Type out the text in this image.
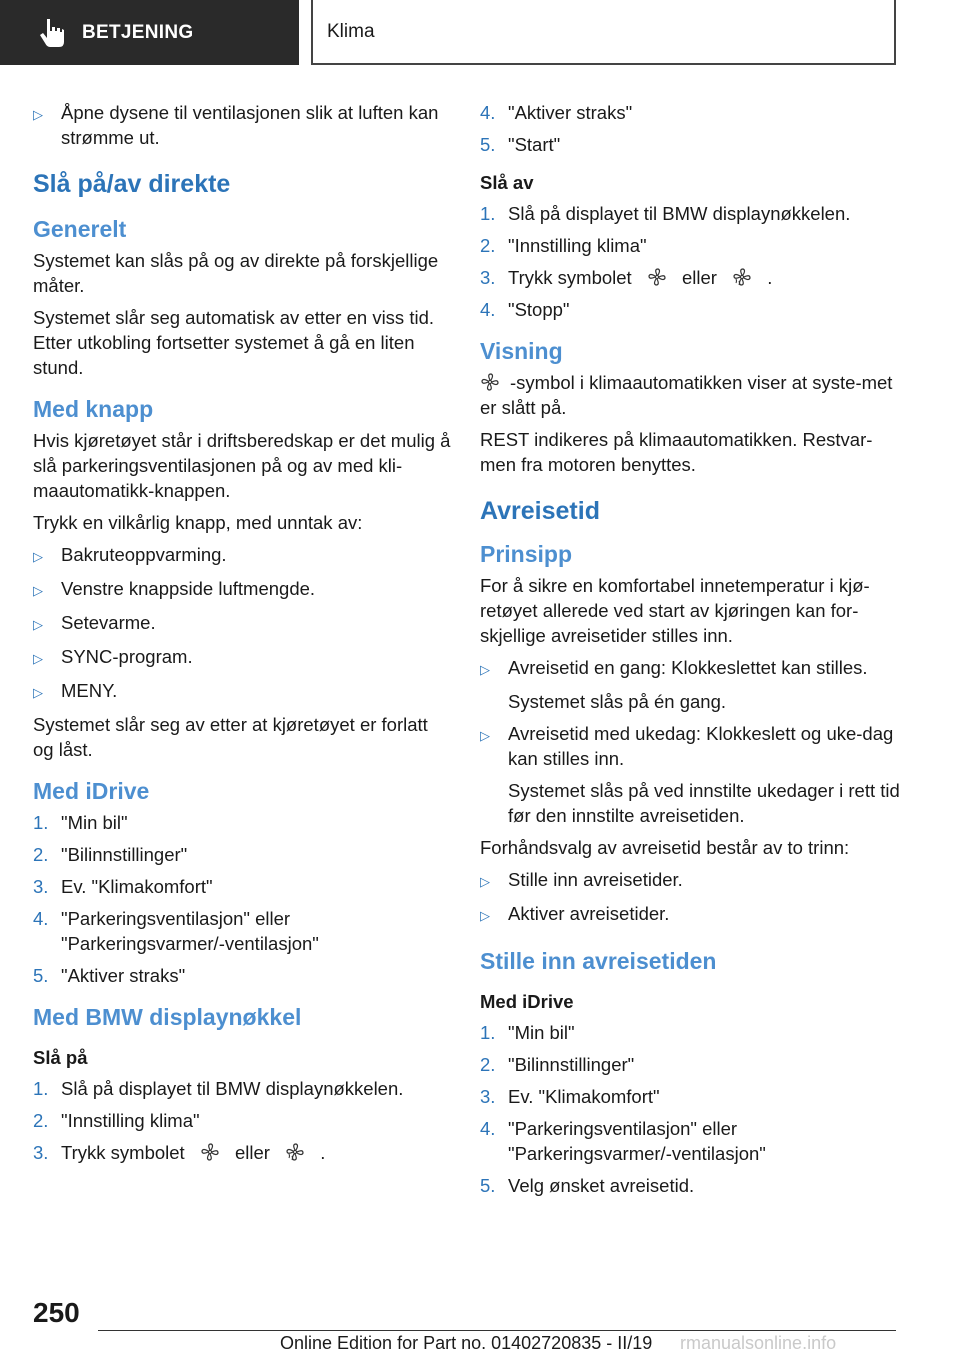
BETJENING	Klima
▷ Åpne dysene til ventilasjonen slik at luften kan strømme ut.
Slå på/av direkte
Generelt
Systemet kan slås på og av direkte på forskjellige måter.
Systemet slår seg automatisk av etter en viss tid. Etter utkobling fortsetter systemet å gå en liten stund.
Med knapp
Hvis kjøretøyet står i driftsberedskap er det mulig å slå parkeringsventilasjonen på og av med kli-maautomatikk-knappen.
Trykk en vilkårlig knapp, med unntak av:
▷ Bakruteoppvarming.
▷ Venstre knappside luftmengde.
▷ Setevarme.
▷ SYNC-program.
▷ MENY.
Systemet slår seg av etter at kjøretøyet er forlatt og låst.
Med iDrive
1. "Min bil"
2. "Bilinnstillinger"
3. Ev. "Klimakomfort"
4. "Parkeringsventilasjon" eller "Parkeringsvarmer/-ventilasjon"
5. "Aktiver straks"
Med BMW displaynøkkel
Slå på
1. Slå på displayet til BMW displaynøkkelen.
2. "Innstilling klima"
3. Trykk symbolet	eller	.
4. "Aktiver straks"
5. "Start"
Slå av
1. Slå på displayet til BMW displaynøkkelen.
2. "Innstilling klima"
3. Trykk symbolet	eller	.
4. "Stopp"
Visning
-symbol i klimaautomatikken viser at syste-met er slått på.
REST indikeres på klimaautomatikken. Restvar-men fra motoren benyttes.
Avreisetid
Prinsipp
For å sikre en komfortabel innetemperatur i kjø-retøyet allerede ved start av kjøringen kan for-skjellige avreisetider stilles inn.
▷ Avreisetid en gang: Klokkeslettet kan stilles.
Systemet slås på én gang.
▷ Avreisetid med ukedag: Klokkeslett og uke-dag kan stilles inn.
Systemet slås på ved innstilte ukedager i rett tid før den innstilte avreisetiden.
Forhåndsvalg av avreisetid består av to trinn:
▷ Stille inn avreisetider.
▷ Aktiver avreisetider.
Stille inn avreisetiden
Med iDrive
1. "Min bil"
2. "Bilinnstillinger"
3. Ev. "Klimakomfort"
4. "Parkeringsventilasjon" eller "Parkeringsvarmer/-ventilasjon"
5. Velg ønsket avreisetid.
250
Online Edition for Part no. 01402720835 - II/19 rmanualsonline.info
